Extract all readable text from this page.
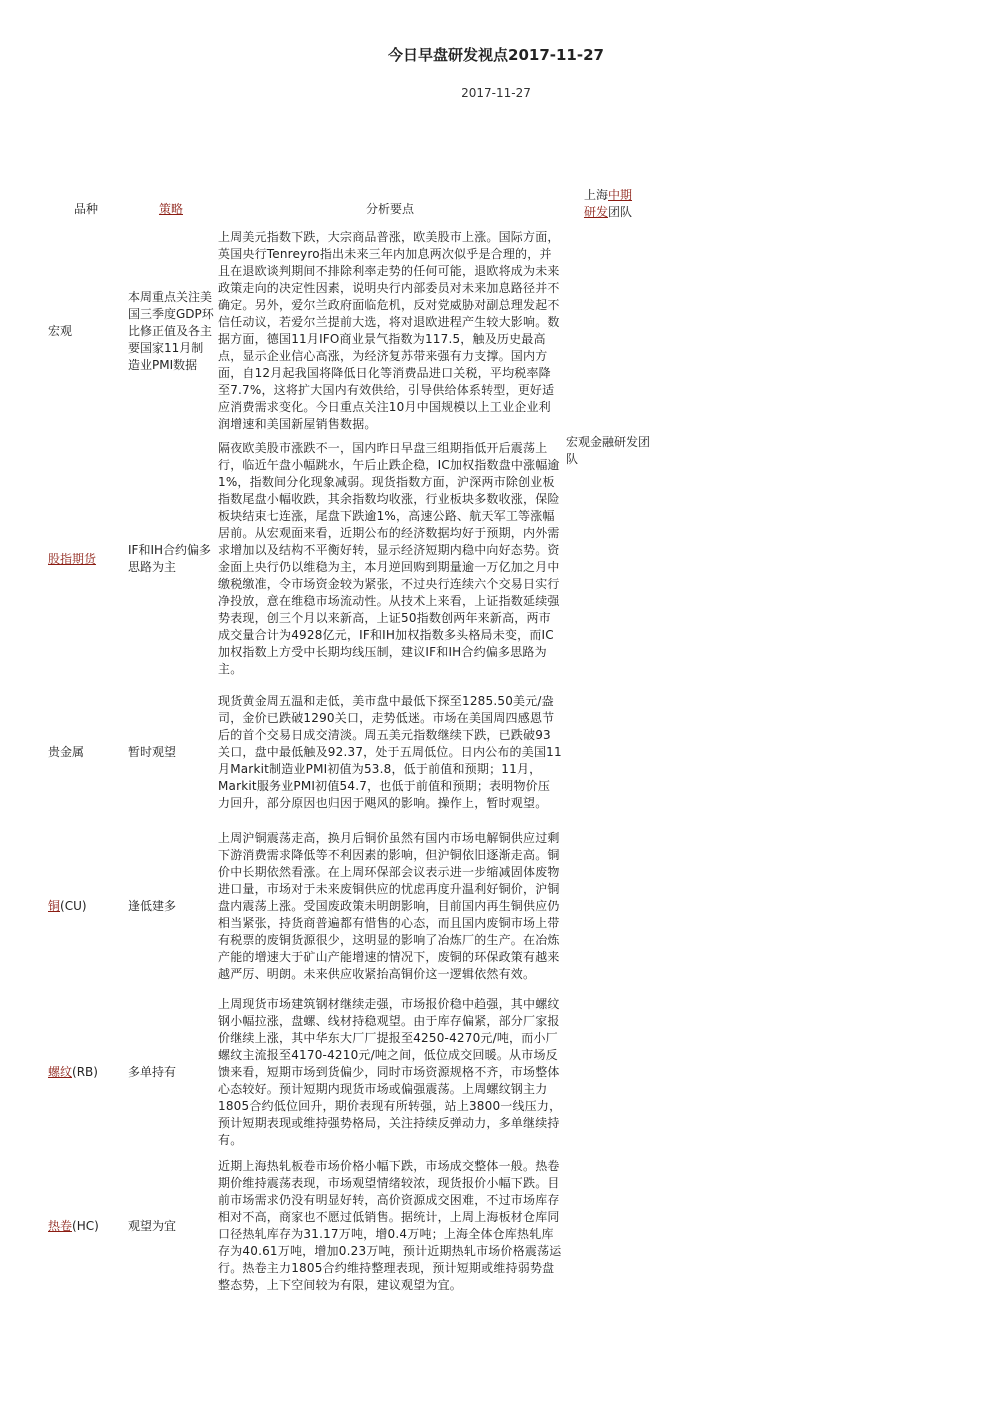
今日早盘研发视点2017-11-27
2017-11-27
品种	策略	分析要点	上海中期
研发团队

宏观	本周重点关注美国三季度GDP环比修正值及各主要国家11月制造业PMI数据	上周美元指数下跌，大宗商品普涨，欧美股市上涨。国际方面，英国央行Tenreyro指出未来三年内加息两次似乎是合理的，并且在退欧谈判期间不排除利率走势的任何可能，退欧将成为未来政策走向的决定性因素，说明央行内部委员对未来加息路径并不确定。另外，爱尔兰政府面临危机，反对党威胁对副总理发起不信任动议，若爱尔兰提前大选，将对退欧进程产生较大影响。数据方面，德国11月IFO商业景气指数为117.5，触及历史最高点，显示企业信心高涨，为经济复苏带来强有力支撑。国内方面，自12月起我国将降低日化等消费品进口关税，平均税率降至7.7%，这将扩大国内有效供给，引导供给体系转型，更好适应消费需求变化。今日重点关注10月中国规模以上工业企业利润增速和美国新屋销售数据。	
股指期货	IF和IH合约偏多思路为主	隔夜欧美股市涨跌不一，国内昨日早盘三组期指低开后震荡上行，临近午盘小幅跳水，午后止跌企稳，IC加权指数盘中涨幅逾1%，指数间分化现象减弱。现货指数方面，沪深两市除创业板指数尾盘小幅收跌，其余指数均收涨，行业板块多数收涨，保险板块结束七连涨，尾盘下跌逾1%，高速公路、航天军工等涨幅居前。从宏观面来看，近期公布的经济数据均好于预期，内外需求增加以及结构不平衡好转，显示经济短期内稳中向好态势。资金面上央行仍以维稳为主，本月逆回购到期量逾一万亿加之月中缴税缴准，令市场资金较为紧张，不过央行连续六个交易日实行净投放，意在维稳市场流动性。从技术上来看，上证指数延续强势表现，创三个月以来新高，上证50指数创两年来新高，两市成交量合计为4928亿元，IF和IH加权指数多头格局未变，而IC加权指数上方受中长期均线压制，建议IF和IH合约偏多思路为主。	宏观金融研发团队
贵金属	暂时观望	现货黄金周五温和走低，美市盘中最低下探至1285.50美元/盎司，金价已跌破1290关口，走势低迷。市场在美国周四感恩节后的首个交易日成交清淡。周五美元指数继续下跌，已跌破93关口，盘中最低触及92.37，处于五周低位。日内公布的美国11月Markit制造业PMI初值为53.8，低于前值和预期；11月，Markit服务业PMI初值54.7，也低于前值和预期；表明物价压力回升，部分原因也归因于飓风的影响。操作上，暂时观望。	
铜(CU)	逢低建多	上周沪铜震荡走高，换月后铜价虽然有国内市场电解铜供应过剩下游消费需求降低等不利因素的影响，但沪铜依旧逐渐走高。铜价中长期依然看涨。在上周环保部会议表示进一步缩减固体废物进口量，市场对于未来废铜供应的忧虑再度升温利好铜价，沪铜盘内震荡上涨。受国废政策未明朗影响，目前国内再生铜供应仍相当紧张，持货商普遍都有惜售的心态，而且国内废铜市场上带有税票的废铜货源很少，这明显的影响了冶炼厂的生产。在冶炼产能的增速大于矿山产能增速的情况下，废铜的环保政策有越来越严厉、明朗。未来供应收紧抬高铜价这一逻辑依然有效。	
螺纹(RB)	多单持有	上周现货市场建筑钢材继续走强，市场报价稳中趋强，其中螺纹钢小幅拉涨，盘螺、线材持稳观望。由于库存偏紧，部分厂家报价继续上涨，其中华东大厂厂提报至4250-4270元/吨，而小厂螺纹主流报至4170-4210元/吨之间，低位成交回暖。从市场反馈来看，短期市场到货偏少，同时市场资源规格不齐，市场整体心态较好。预计短期内现货市场或偏强震荡。上周螺纹钢主力1805合约低位回升，期价表现有所转强，站上3800一线压力，预计短期表现或维持强势格局，关注持续反弹动力，多单继续持有。	
热卷(HC)	观望为宜	近期上海热轧板卷市场价格小幅下跌，市场成交整体一般。热卷期价维持震荡表现，市场观望情绪较浓，现货报价小幅下跌。目前市场需求仍没有明显好转，高价资源成交困难，不过市场库存相对不高，商家也不愿过低销售。据统计，上周上海板材仓库同口径热轧库存为31.17万吨，增0.4万吨；上海全体仓库热轧库存为40.61万吨，增加0.23万吨，预计近期热轧市场价格震荡运行。热卷主力1805合约维持整理表现，预计短期或维持弱势盘整态势，上下空间较为有限，建议观望为宜。	
